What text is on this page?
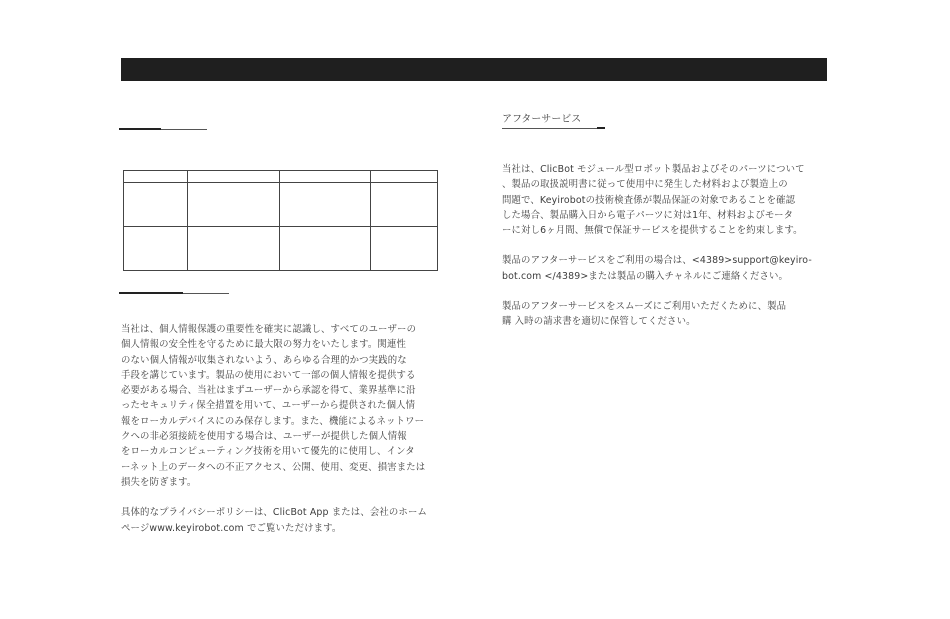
当社は、個人情報保護の重要性を確実に認識し、すべてのユーザーの
個人情報の安全性を守るために最大限の努力をいたします。関連性
のない個人情報が収集されないよう、あらゆる合理的かつ実践的な
手段を講じています。製品の使用において一部の個人情報を提供する
必要がある場合、当社はまずユーザーから承認を得て、業界基準に沿
ったセキュリティ保全措置を用いて、ユーザーから提供された個人情
報をローカルデバイスにのみ保存します。また、機能によるネットワー
クへの非必須接続を使用する場合は、ユーザーが提供した個人情報
をローカルコンピューティング技術を用いて優先的に使用し、インタ
ーネット上のデータへの不正アクセス、公開、使用、変更、損害または
損失を防ぎます。

具体的なプライバシーポリシーは、ClicBot App または、会社のホーム
ページwww.keyirobot.com でご覧いただけます。

アフターサービス

当社は、ClicBot モジュール型ロボット製品およびそのパーツについて
、製品の取扱説明書に従って使用中に発生した材料および製造上の
問題で、Keyirobotの技術検査係が製品保証の対象であることを確認
した場合、製品購入日から電子パーツに対は1年、材料およびモータ
ーに対し6ヶ月間、無償で保証サービスを提供することを約束します。

製品のアフターサービスをご利用の場合は、<4389>support@keyiro-
bot.com </4389>または製品の購入チャネルにご連絡ください。

製品のアフターサービスをスムーズにご利用いただくために、製品
購 入時の請求書を適切に保管してください。
